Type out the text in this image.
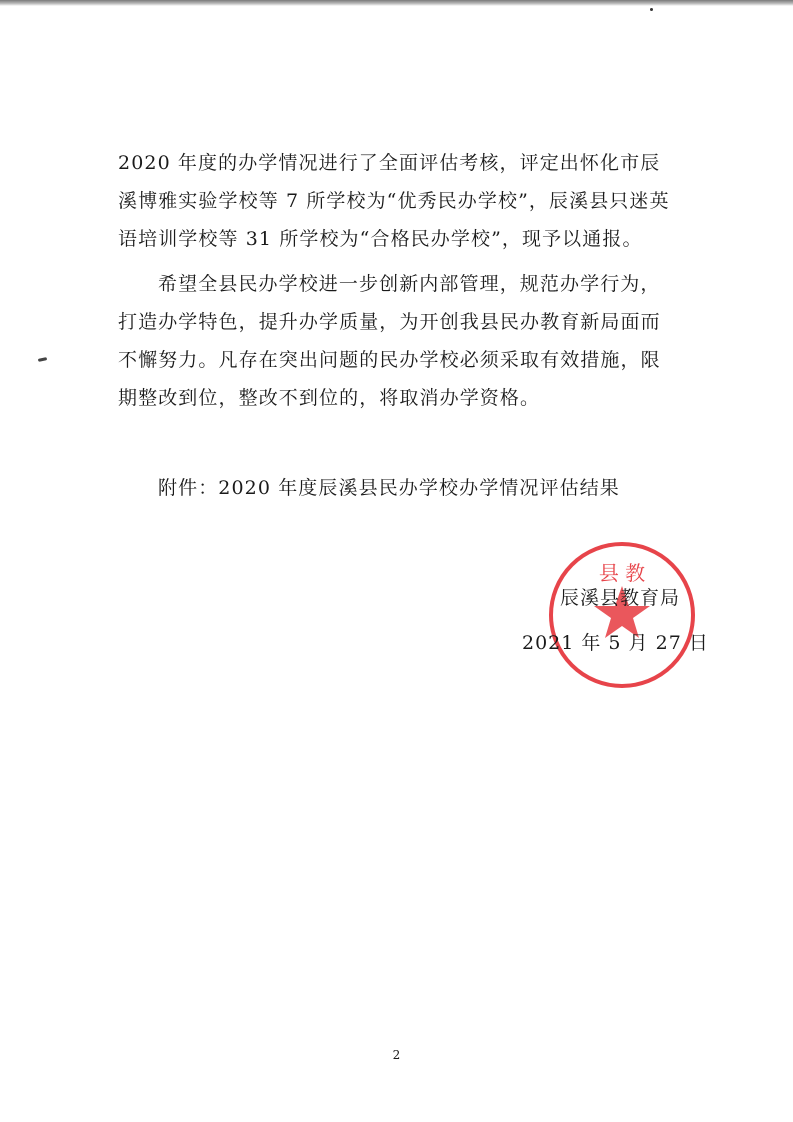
2020 年度的办学情况进行了全面评估考核，评定出怀化市辰溪博雅实验学校等 7 所学校为“优秀民办学校”，辰溪县只迷英语培训学校等 31 所学校为“合格民办学校”，现予以通报。

希望全县民办学校进一步创新内部管理，规范办学行为，打造办学特色，提升办学质量，为开创我县民办教育新局面而不懈努力。凡存在突出问题的民办学校必须采取有效措施，限期整改到位，整改不到位的，将取消办学资格。

附件：2020 年度辰溪县民办学校办学情况评估结果

县 教
辰溪县教育局
2021 年 5 月 27 日
2
